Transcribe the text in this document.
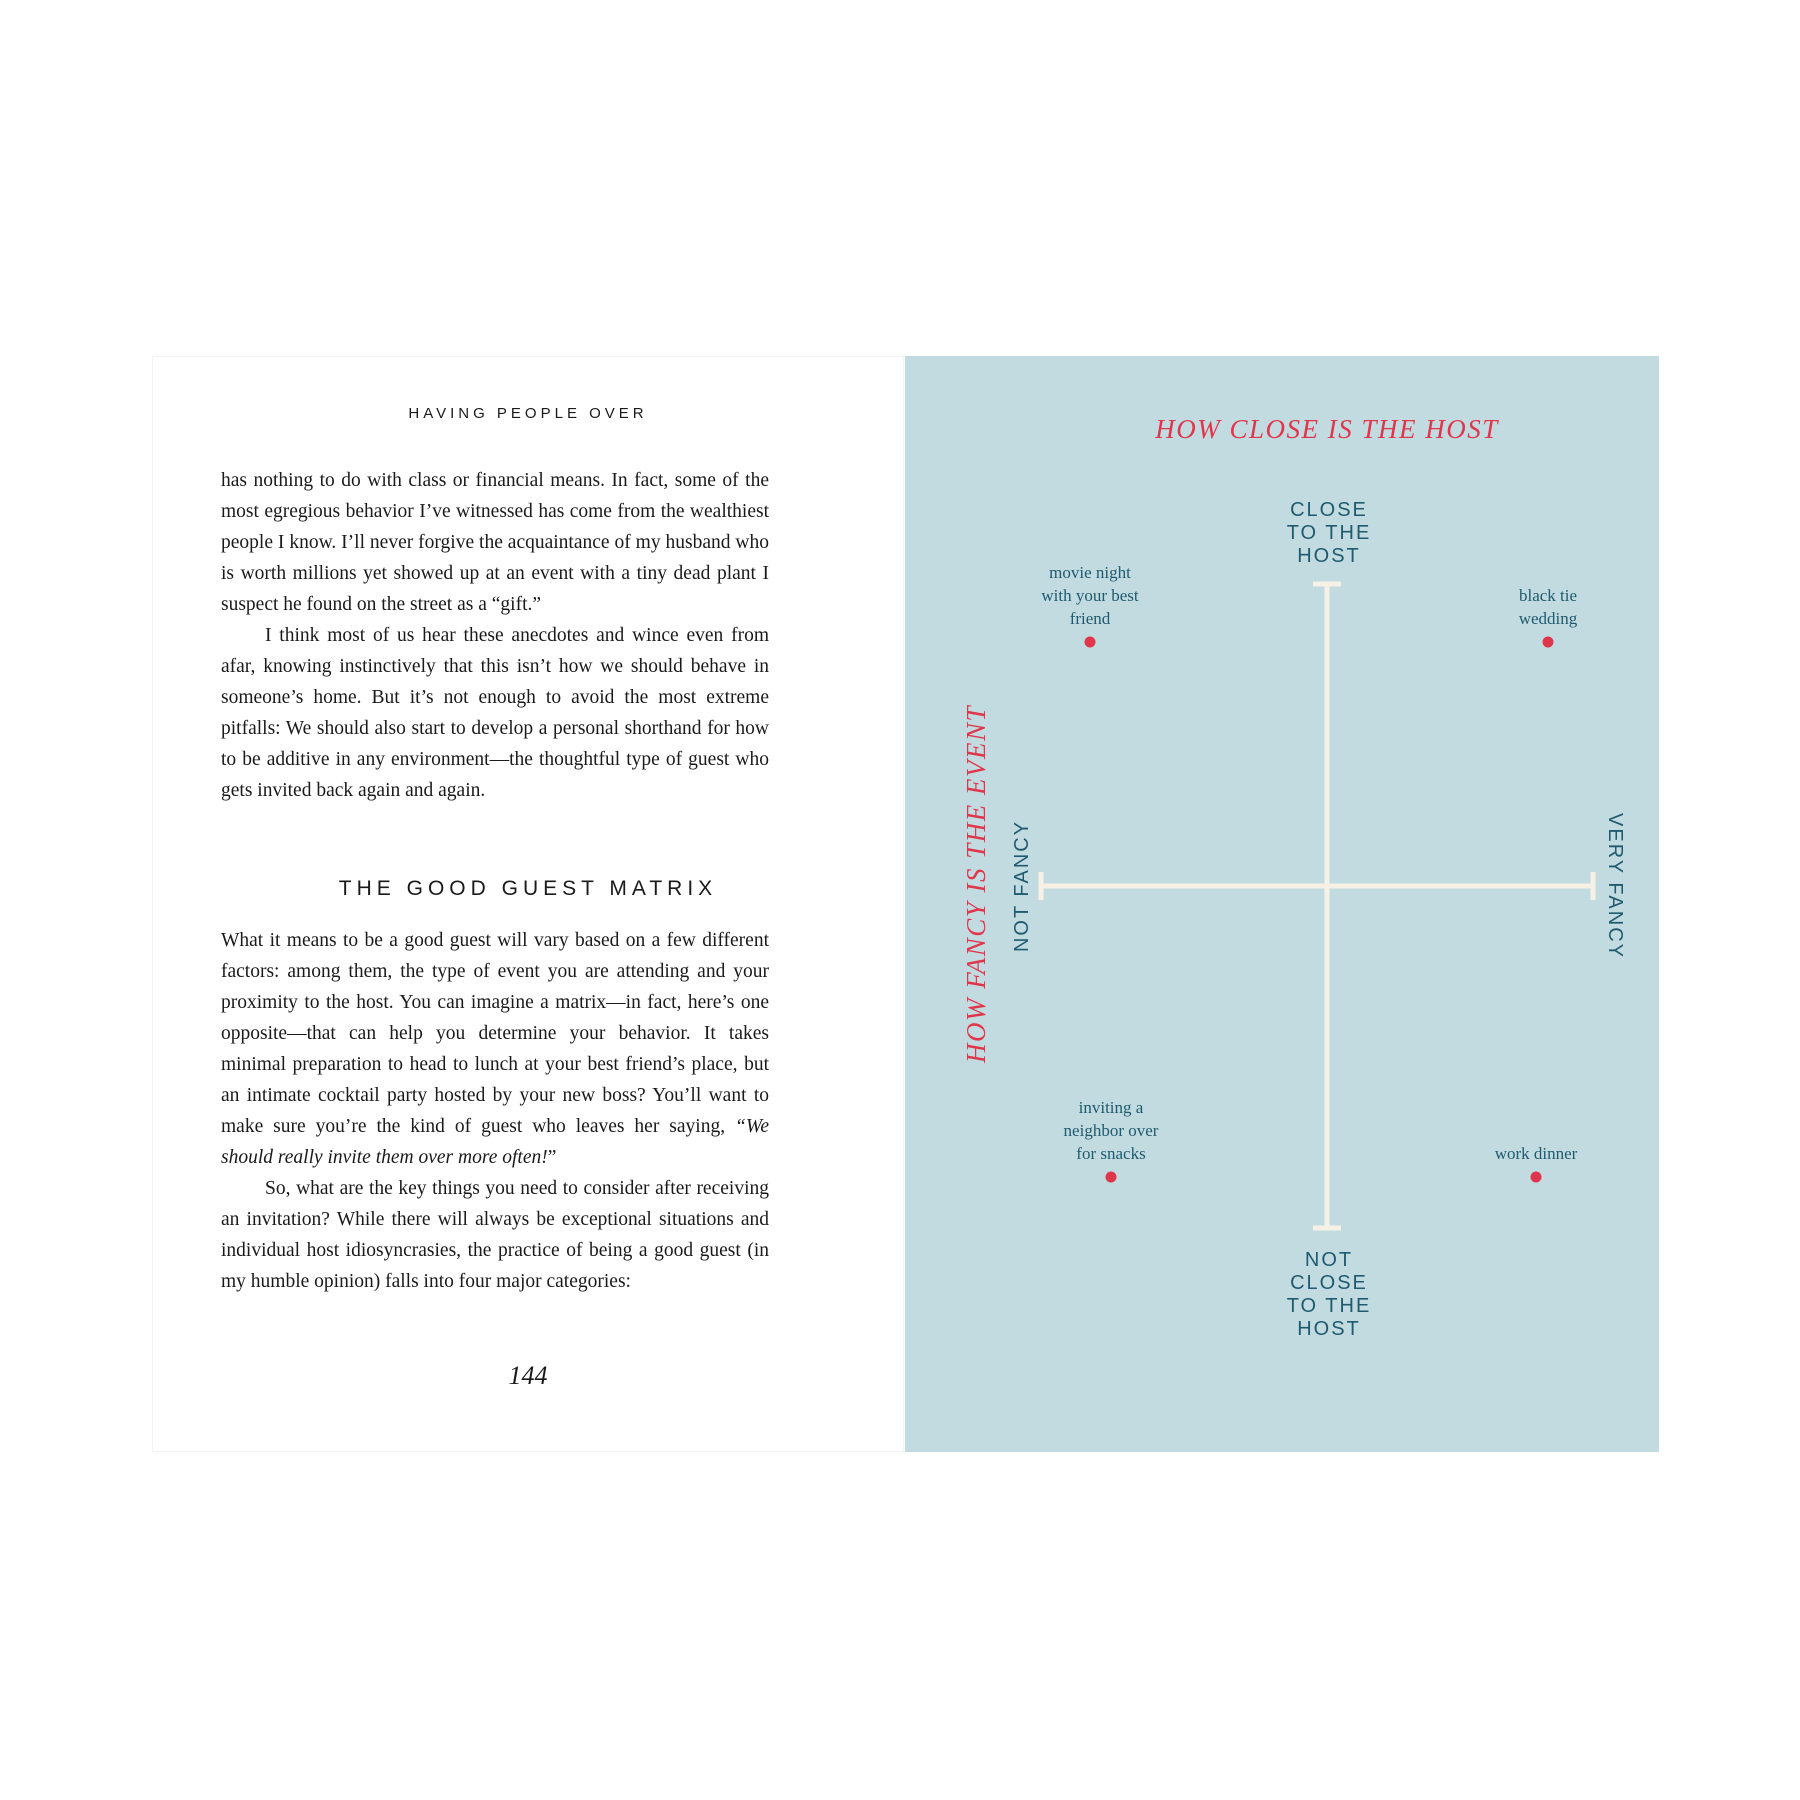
HAVING PEOPLE OVER

has nothing to do with class or financial means. In fact, some of the most egregious behavior I’ve witnessed has come from the wealthiest people I know. I’ll never forgive the acquaintance of my husband who is worth millions yet showed up at an event with a tiny dead plant I suspect he found on the street as a “gift.”

I think most of us hear these anecdotes and wince even from afar, knowing instinctively that this isn’t how we should behave in someone’s home. But it’s not enough to avoid the most extreme pitfalls: We should also start to develop a personal shorthand for how to be additive in any environment—the thoughtful type of guest who gets invited back again and again.

THE GOOD GUEST MATRIX

What it means to be a good guest will vary based on a few different factors: among them, the type of event you are attending and your proximity to the host. You can imagine a matrix—in fact, here’s one opposite—that can help you determine your behavior. It takes minimal preparation to head to lunch at your best friend’s place, but an intimate cocktail party hosted by your new boss? You’ll want to make sure you’re the kind of guest who leaves her saying, “We should really invite them over more often!”

So, what are the key things you need to consider after receiving an invitation? While there will always be exceptional situations and individual host idiosyncrasies, the practice of being a good guest (in my humble opinion) falls into four major categories:

144
HOW CLOSE IS THE HOST
HOW FANCY IS THE EVENT
CLOSE
TO THE
HOST
NOT
CLOSE
TO THE
HOST
NOT FANCY	VERY FANCY
movie night
with your best
friend
black tie
wedding
inviting a
neighbor over
for snacks	work dinner
